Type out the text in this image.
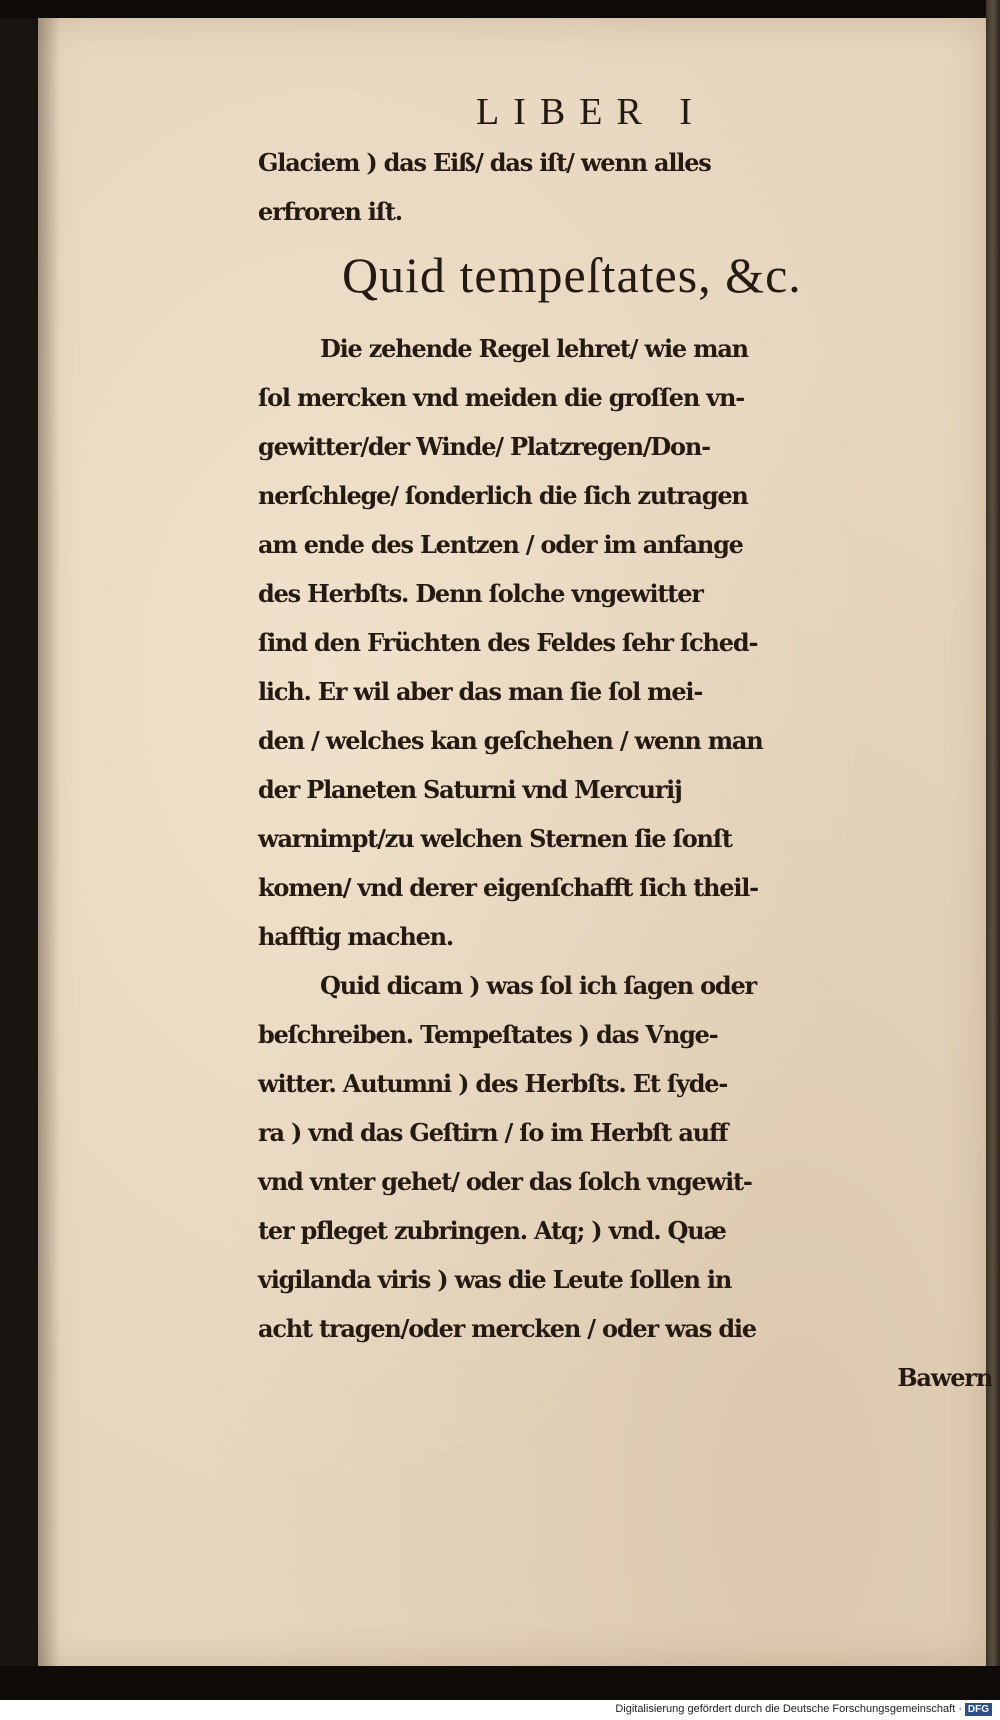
LIBER I
Glaciem ) das Eiß/ das iſt/ wenn alles
erfroren iſt.
Quid tempeſtates, &c.
Die zehende Regel lehret/ wie man
ſol mercken vnd meiden die groſſen vn-
gewitter/der Winde/ Platzregen/Don-
nerſchlege/ ſonderlich die ſich zutragen
am ende des Lentzen / oder im anfange
des Herbſts. Denn ſolche vngewitter
ſind den Früchten des Feldes ſehr ſched-
lich. Er wil aber das man ſie ſol mei-
den / welches kan geſchehen / wenn man
der Planeten Saturni vnd Mercurij
warnimpt/zu welchen Sternen ſie ſonſt
komen/ vnd derer eigenſchafft ſich theil-
hafftig machen.
Quid dicam ) was ſol ich ſagen oder
beſchreiben. Tempeſtates ) das Vnge-
witter. Autumni ) des Herbſts. Et ſyde-
ra ) vnd das Geſtirn / ſo im Herbſt auff
vnd vnter gehet/ oder das ſolch vngewit-
ter pfleget zubringen. Atq; ) vnd. Quæ
vigilanda viris ) was die Leute ſollen in
acht tragen/oder mercken / oder was die
Bawern
Digitalisierung gefördert durch die Deutsche Forschungsgemeinschaft · DFG
